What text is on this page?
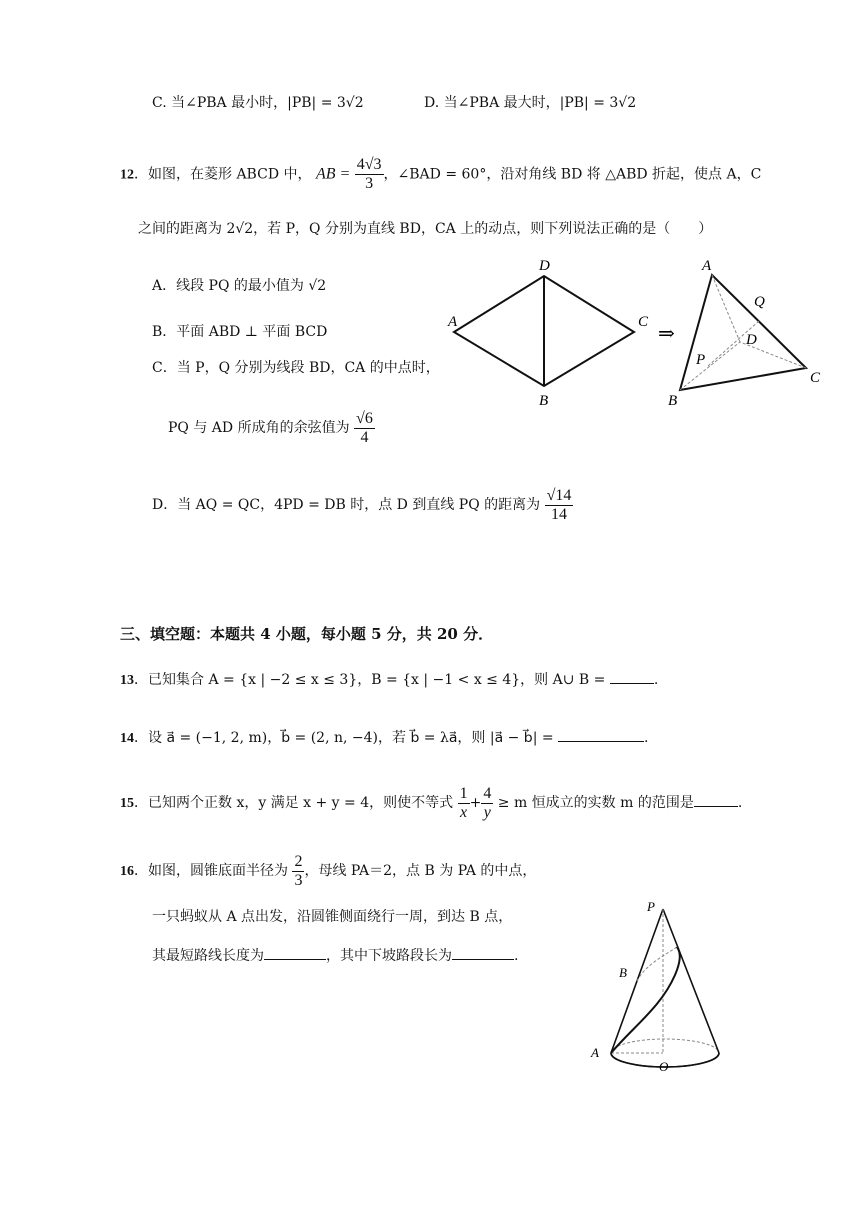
C. 当∠PBA 最小时，|PB| = 3√2	D. 当∠PBA 最大时，|PB| = 3√2
12．如图，在菱形 ABCD 中， AB = $\frac{4√3}{3}$ ，∠BAD = 60°，沿对角线 BD 将 △ABD 折起，使点 A，C
之间的距离为 2√2，若 P，Q 分别为直线 BD，CA 上的动点，则下列说法正确的是（　　）
A．线段 PQ 的最小值为 √2
B．平面 ABD ⊥ 平面 BCD
C．当 P，Q 分别为线段 BD，CA 的中点时，
PQ 与 AD 所成角的余弦值为 $\frac{√6}{4}$
D．当 AQ = QC，4PD = DB 时，点 D 到直线 PQ 的距离为 $\frac{√14}{14}$
A
D
C
B
⇒
A
B
C
D
P
Q
三、填空题：本题共 4 小题，每小题 5 分，共 20 分．
13．已知集合 A = {x | −2 ≤ x ≤ 3}，B = {x | −1 < x ≤ 4}，则 A∪ B =	.
14．设 a⃗ = (−1, 2, m)，b⃗ = (2, n, −4)，若 b⃗ = λa⃗，则 |a⃗ − b⃗| =	.
15．已知两个正数 x，y 满足 x + y = 4，则使不等式 $\frac{1}{x} + \frac{4}{y} \ge m$ 恒成立的实数 m 的范围是	.
16．如图，圆锥底面半径为 $\frac{2}{3}$ ，母线 PA＝2，点 B 为 PA 的中点，
一只蚂蚁从 A 点出发，沿圆锥侧面绕行一周，到达 B 点，
其最短路线长度为	，其中下坡路段长为	.
P
B
A
O
